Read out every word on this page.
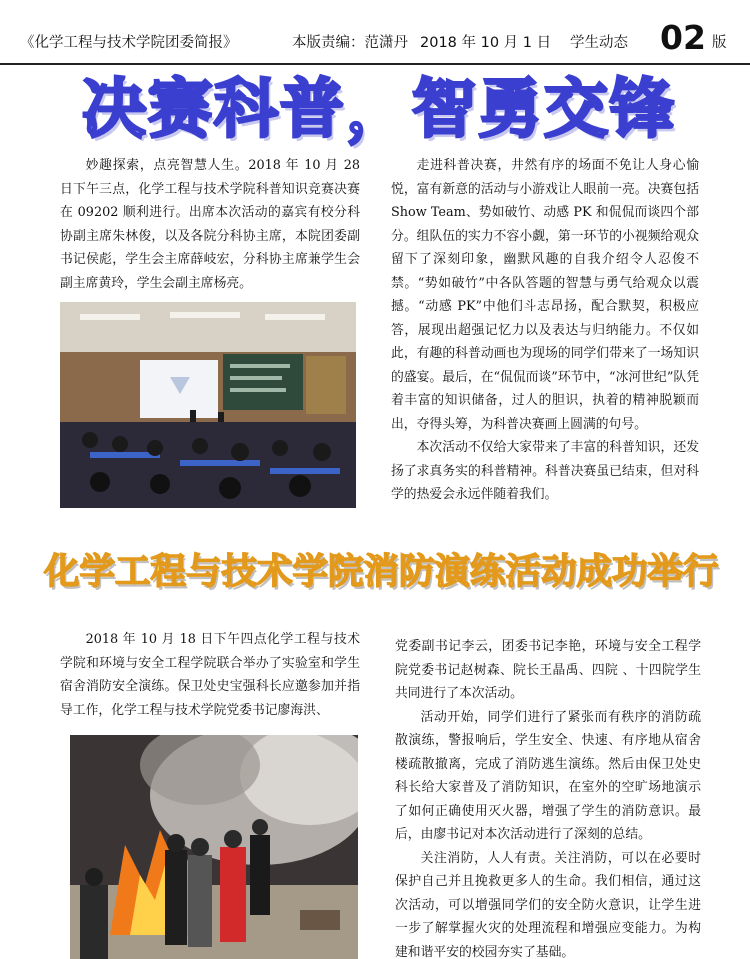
《化学工程与技术学院团委简报》	本版责编：范潇丹 2018 年 10 月 1 日 学生动态 02 版
决赛科普，智勇交锋
妙趣探索，点亮智慧人生。2018 年 10 月 28 日下午三点，化学工程与技术学院科普知识竞赛决赛在 09202 顺利进行。出席本次活动的嘉宾有校分科协副主席朱林俊，以及各院分科协主席，本院团委副书记侯彪，学生会主席薛岐宏，分科协主席兼学生会副主席黄玲，学生会副主席杨亮。

走进科普决赛，井然有序的场面不免让人身心愉悦，富有新意的活动与小游戏让人眼前一亮。决赛包括 Show Team、势如破竹、动感 PK 和侃侃而谈四个部分。组队伍的实力不容小觑，第一环节的小视频给观众留下了深刻印象，幽默风趣的自我介绍令人忍俊不禁。“势如破竹”中各队答题的智慧与勇气给观众以震撼。“动感 PK”中他们斗志昂扬，配合默契，积极应答，展现出超强记忆力以及表达与归纳能力。不仅如此，有趣的科普动画也为现场的同学们带来了一场知识的盛宴。最后，在“侃侃而谈”环节中，“冰河世纪”队凭着丰富的知识储备，过人的胆识，执着的精神脱颖而出，夺得头筹，为科普决赛画上圆满的句号。

本次活动不仅给大家带来了丰富的科普知识，还发扬了求真务实的科普精神。科普决赛虽已结束，但对科学的热爱会永远伴随着我们。

化学工程与技术学院消防演练活动成功举行
2018 年 10 月 18 日下午四点化学工程与技术学院和环境与安全工程学院联合举办了实验室和学生宿舍消防安全演练。保卫处史宝强科长应邀参加并指导工作，化学工程与技术学院党委书记廖海洪、

党委副书记李云，团委书记李艳，环境与安全工程学院党委书记赵树森、院长王晶禹、四院 、十四院学生共同进行了本次活动。

活动开始，同学们进行了紧张而有秩序的消防疏散演练，警报响后，学生安全、快速、有序地从宿舍楼疏散撤离，完成了消防逃生演练。然后由保卫处史科长给大家普及了消防知识，在室外的空旷场地演示了如何正确使用灭火器，增强了学生的消防意识。最后，由廖书记对本次活动进行了深刻的总结。

关注消防，人人有责。关注消防，可以在必要时保护自己并且挽救更多人的生命。我们相信，通过这次活动，可以增强同学们的安全防火意识，让学生进一步了解掌握火灾的处理流程和增强应变能力。为构建和谐平安的校园夯实了基础。
